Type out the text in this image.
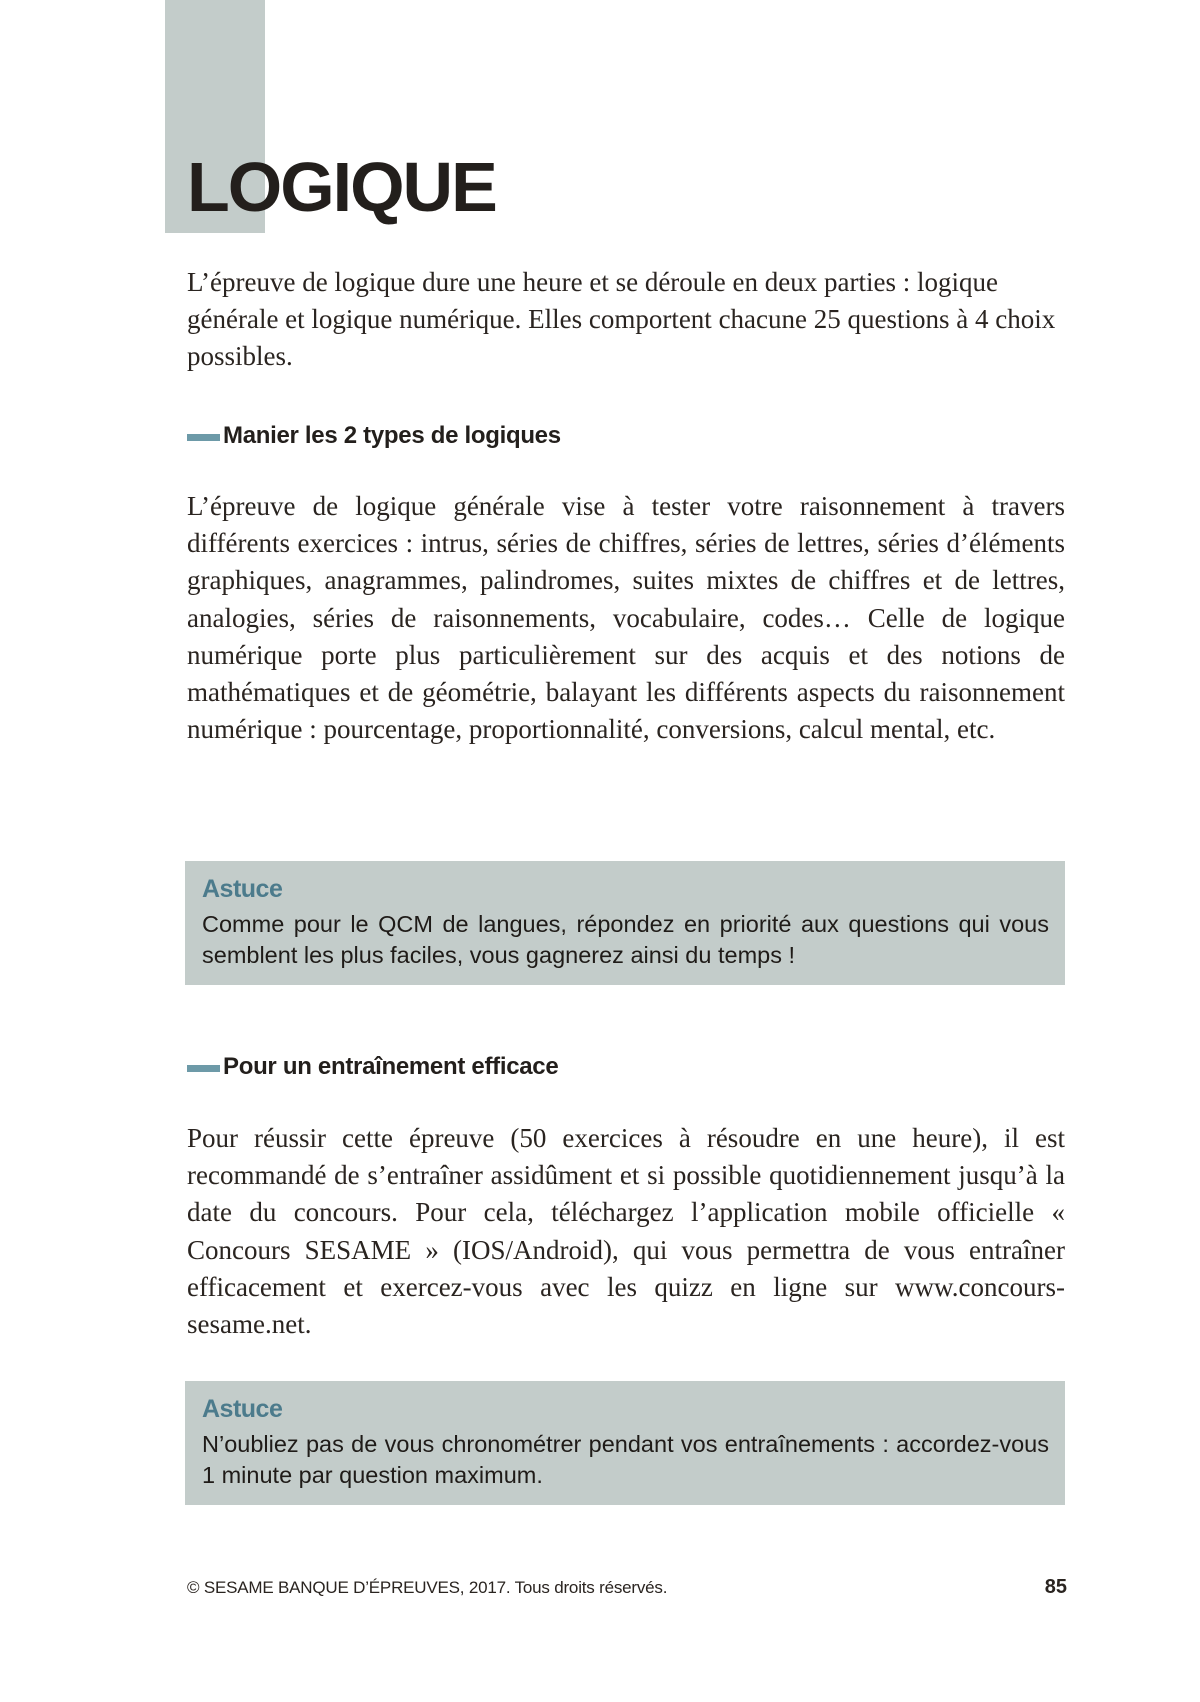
LOGIQUE

L’épreuve de logique dure une heure et se déroule en deux parties : logique générale et logique numérique. Elles comportent chacune 25 questions à 4 choix possibles.

Manier les 2 types de logiques

L’épreuve de logique générale vise à tester votre raisonnement à travers différents exercices : intrus, séries de chiffres, séries de lettres, séries d’éléments graphiques, anagrammes, palindromes, suites mixtes de chiffres et de lettres, analogies, séries de raisonnements, vocabulaire, codes… Celle de logique numérique porte plus particulièrement sur des acquis et des notions de mathématiques et de géométrie, balayant les différents aspects du raisonnement numérique : pourcentage, proportionnalité, conversions, calcul mental, etc.

Astuce

Comme pour le QCM de langues, répondez en priorité aux questions qui vous semblent les plus faciles, vous gagnerez ainsi du temps !

Pour un entraînement efficace

Pour réussir cette épreuve (50 exercices à résoudre en une heure), il est recommandé de s’entraîner assidûment et si possible quotidiennement jusqu’à la date du concours. Pour cela, téléchargez l’application mobile officielle « Concours SESAME » (IOS/Android), qui vous permettra de vous entraîner efficacement et exercez-vous avec les quizz en ligne sur www.concours-sesame.net.

Astuce

N’oubliez pas de vous chronométrer pendant vos entraînements : accordez-vous 1 minute par question maximum.

© SESAME BANQUE D’ÉPREUVES, 2017. Tous droits réservés.	85
